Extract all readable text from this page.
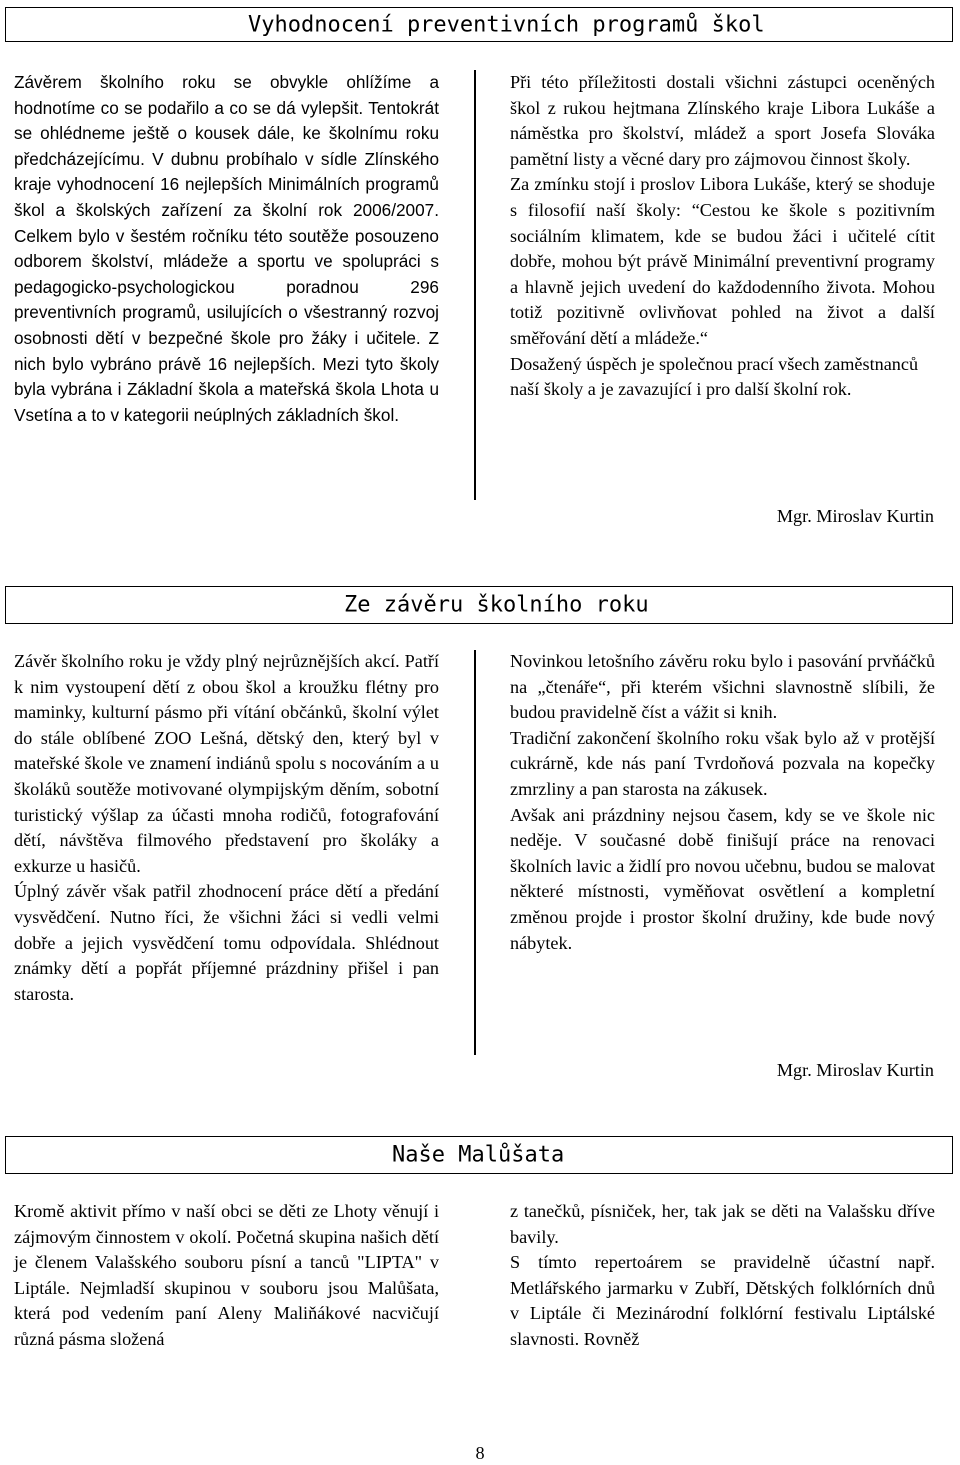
Vyhodnocení preventivních programů škol

Závěrem školního roku se obvykle ohlížíme a hodnotíme co se podařilo a co se dá vylepšit. Tentokrát se ohlédneme ještě o kousek dále, ke školnímu roku předcházejícímu. V dubnu probíhalo v sídle Zlínského kraje vyhodnocení 16 nejlepších Minimálních programů škol a školských zařízení za školní rok 2006/2007. Celkem bylo v šestém ročníku této soutěže posouzeno odborem školství, mládeže a sportu ve spolupráci s pedagogicko-psychologickou poradnou 296 preventivních programů, usilujících o všestranný rozvoj osobnosti dětí v bezpečné škole pro žáky i učitele. Z nich bylo vybráno právě 16 nejlepších. Mezi tyto školy byla vybrána i Základní škola a mateřská škola Lhota u Vsetína a to v kategorii neúplných základních škol.

Při této příležitosti dostali všichni zástupci oceněných škol z rukou hejtmana Zlínského kraje Libora Lukáše a náměstka pro školství, mládež a sport Josefa Slováka pamětní listy a věcné dary pro zájmovou činnost školy.

Za zmínku stojí i proslov Libora Lukáše, který se shoduje s filosofií naší školy: “Cestou ke škole s pozitivním sociálním klimatem, kde se budou žáci i učitelé cítit dobře, mohou být právě Minimální preventivní programy a hlavně jejich uvedení do každodenního života. Mohou totiž pozitivně ovlivňovat pohled na život a další směřování dětí a mládeže.“

Dosažený úspěch je společnou prací všech zaměstnanců naší školy a je zavazující i pro další školní rok.

Mgr. Miroslav Kurtin
Ze závěru školního roku

Závěr školního roku je vždy plný nejrůznějších akcí. Patří k nim vystoupení dětí z obou škol a kroužku flétny pro maminky, kulturní pásmo při vítání občánků, školní výlet do stále oblíbené ZOO Lešná, dětský den, který byl v mateřské škole ve znamení indiánů spolu s nocováním a u školáků soutěže motivované olympijským děním, sobotní turistický výšlap za účasti mnoha rodičů, fotografování dětí, návštěva filmového představení pro školáky a exkurze u hasičů.

Úplný závěr však patřil zhodnocení práce dětí a předání vysvědčení. Nutno říci, že všichni žáci si vedli velmi dobře a jejich vysvědčení tomu odpovídala. Shlédnout známky dětí a popřát příjemné prázdniny přišel i pan starosta.

Novinkou letošního závěru roku bylo i pasování prvňáčků na „čtenáře“, při kterém všichni slavnostně slíbili, že budou pravidelně číst a vážit si knih.

Tradiční zakončení školního roku však bylo až v protější cukrárně, kde nás paní Tvrdoňová pozvala na kopečky zmrzliny a pan starosta na zákusek.

Avšak ani prázdniny nejsou časem, kdy se ve škole nic neděje. V současné době finišují práce na renovaci školních lavic a židlí pro novou učebnu, budou se malovat některé místnosti, vyměňovat osvětlení a kompletní změnou projde i prostor školní družiny, kde bude nový nábytek.

Mgr. Miroslav Kurtin
Naše Malůšata

Kromě aktivit přímo v naší obci se děti ze Lhoty věnují i zájmovým činnostem v okolí. Početná skupina našich dětí je členem Valašského souboru písní a tanců "LIPTA" v Liptále. Nejmladší skupinou v souboru jsou Malůšata, která pod vedením paní Aleny Maliňákové nacvičují různá pásma složená

z tanečků, písniček, her, tak jak se děti na Valašsku dříve bavily.

S tímto repertoárem se pravidelně účastní např. Metlářského jarmarku v Zubří, Dětských folklórních dnů v Liptále či Mezinárodní folklórní festivalu Liptálské slavnosti. Rovněž

8
